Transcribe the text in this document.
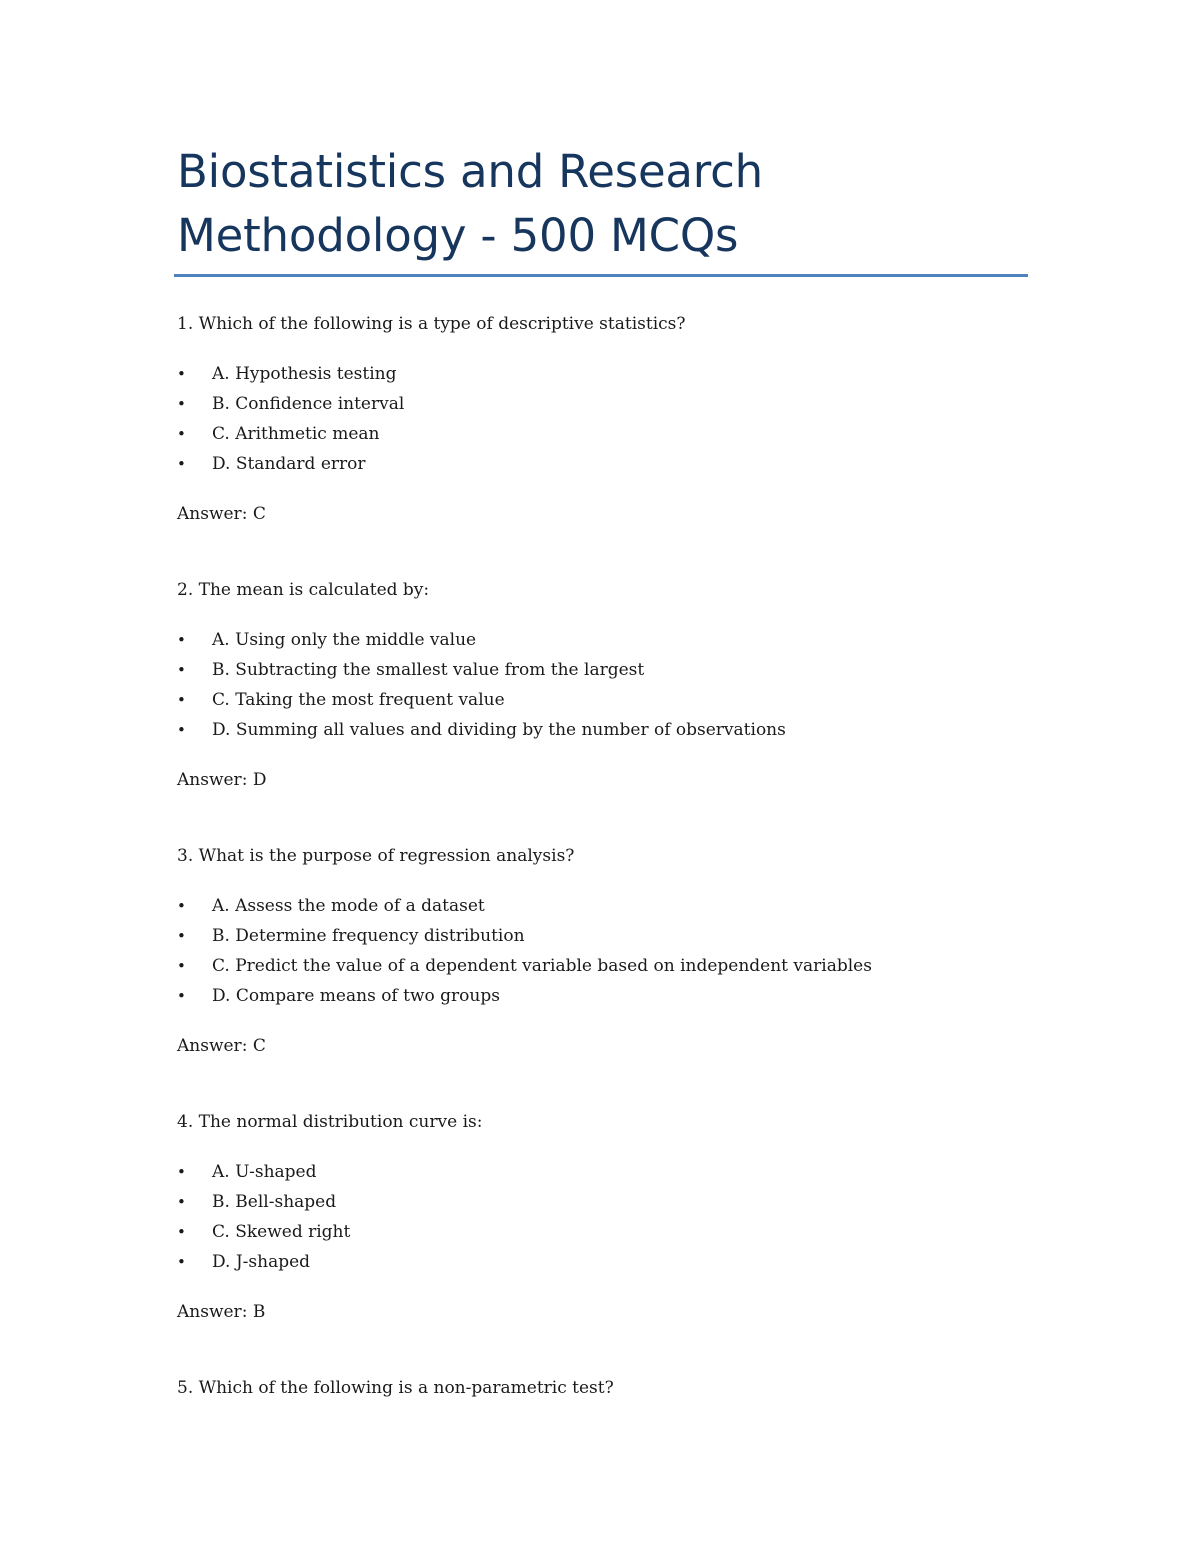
Biostatistics and Research Methodology - 500 MCQs

1. Which of the following is a type of descriptive statistics?

• A. Hypothesis testing
• B. Confidence interval
• C. Arithmetic mean
• D. Standard error

Answer: C

2. The mean is calculated by:

• A. Using only the middle value
• B. Subtracting the smallest value from the largest
• C. Taking the most frequent value
• D. Summing all values and dividing by the number of observations

Answer: D

3. What is the purpose of regression analysis?

• A. Assess the mode of a dataset
• B. Determine frequency distribution
• C. Predict the value of a dependent variable based on independent variables
• D. Compare means of two groups

Answer: C

4. The normal distribution curve is:

• A. U-shaped
• B. Bell-shaped
• C. Skewed right
• D. J-shaped

Answer: B

5. Which of the following is a non-parametric test?
